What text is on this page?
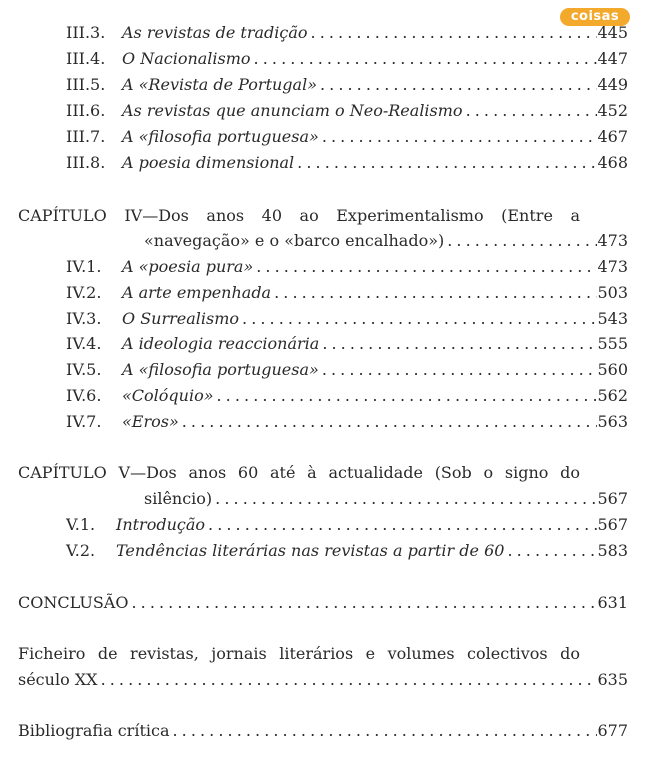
coisas
III.3.	As revistas de tradição . . .	445
III.4.	O Nacionalismo . . .	447
III.5.	A «Revista de Portugal» . . .	449
III.6.	As revistas que anunciam o Neo-Realismo . . .	452
III.7.	A «filosofia portuguesa» . . .	467
III.8.	A poesia dimensional . . .	468
CAPÍTULO IV—Dos anos 40 ao Experimentalismo (Entre a
«navegação» e o «barco encalhado») . . .	473
IV.1.	A «poesia pura» . . .	473
IV.2.	A arte empenhada . . .	503
IV.3.	O Surrealismo . . .	543
IV.4.	A ideologia reaccionária . . .	555
IV.5.	A «filosofia portuguesa» . . .	560
IV.6.	«Colóquio» . . .	562
IV.7.	«Eros» . . .	563
CAPÍTULO V—Dos anos 60 até à actualidade (Sob o signo do
silêncio) . . .	567
V.1.	Introdução . . .	567
V.2.	Tendências literárias nas revistas a partir de 60 . . .	583
CONCLUSÃO . . .	631
Ficheiro de revistas, jornais literários e volumes colectivos do
século XX . . .	635
Bibliografia crítica . . .	677
